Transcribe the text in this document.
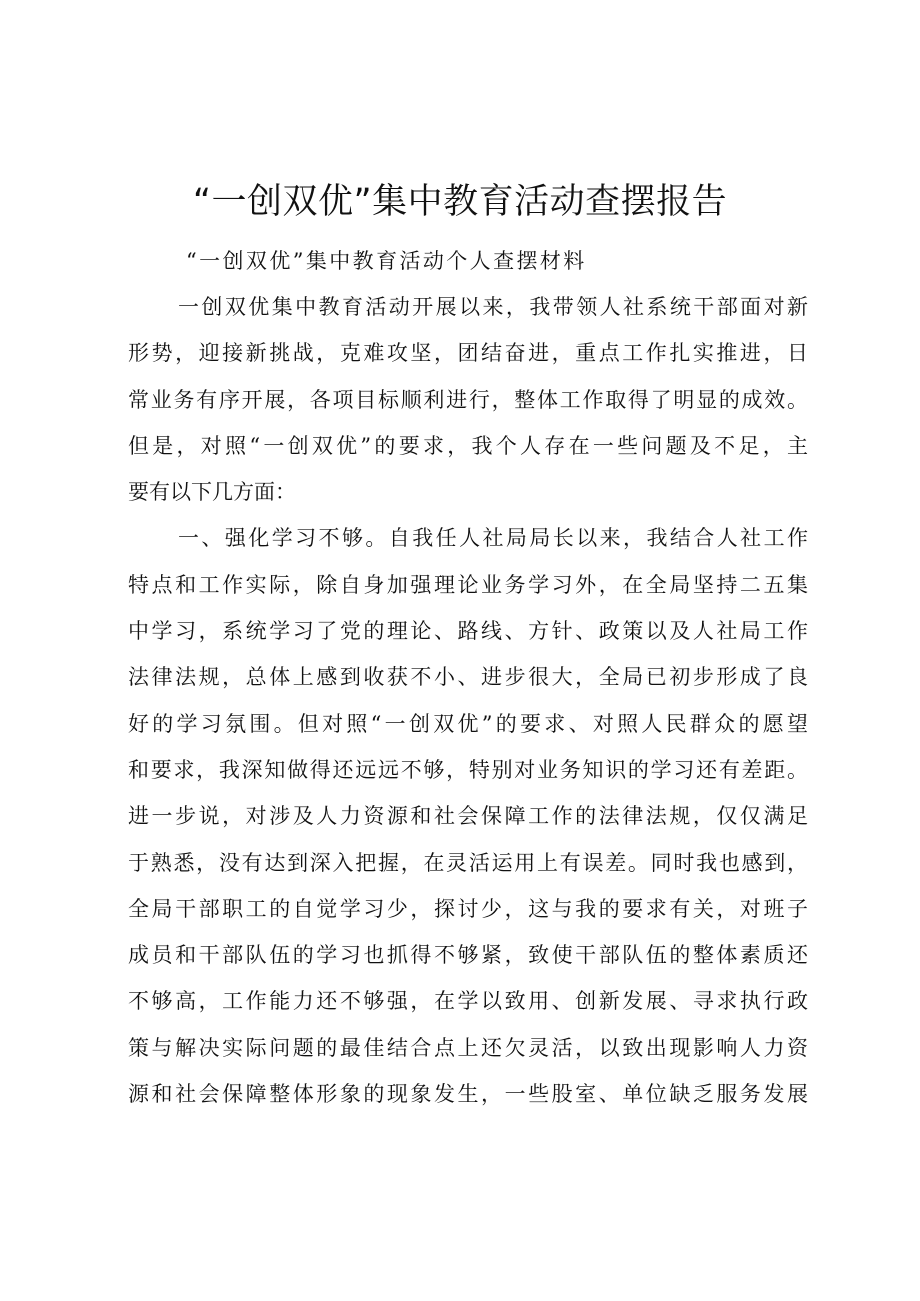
“一创双优”集中教育活动查摆报告
“一创双优”集中教育活动个人查摆材料
一创双优集中教育活动开展以来，我带领人社系统干部面对新
形势，迎接新挑战，克难攻坚，团结奋进，重点工作扎实推进，日
常业务有序开展，各项目标顺利进行，整体工作取得了明显的成效。
但是，对照“一创双优”的要求，我个人存在一些问题及不足，主
要有以下几方面：
一、强化学习不够。自我任人社局局长以来，我结合人社工作
特点和工作实际，除自身加强理论业务学习外，在全局坚持二五集
中学习，系统学习了党的理论、路线、方针、政策以及人社局工作
法律法规，总体上感到收获不小、进步很大，全局已初步形成了良
好的学习氛围。但对照“一创双优”的要求、对照人民群众的愿望
和要求，我深知做得还远远不够，特别对业务知识的学习还有差距。
进一步说，对涉及人力资源和社会保障工作的法律法规，仅仅满足
于熟悉，没有达到深入把握，在灵活运用上有误差。同时我也感到，
全局干部职工的自觉学习少，探讨少，这与我的要求有关，对班子
成员和干部队伍的学习也抓得不够紧，致使干部队伍的整体素质还
不够高，工作能力还不够强，在学以致用、创新发展、寻求执行政
策与解决实际问题的最佳结合点上还欠灵活，以致出现影响人力资
源和社会保障整体形象的现象发生，一些股室、单位缺乏服务发展
